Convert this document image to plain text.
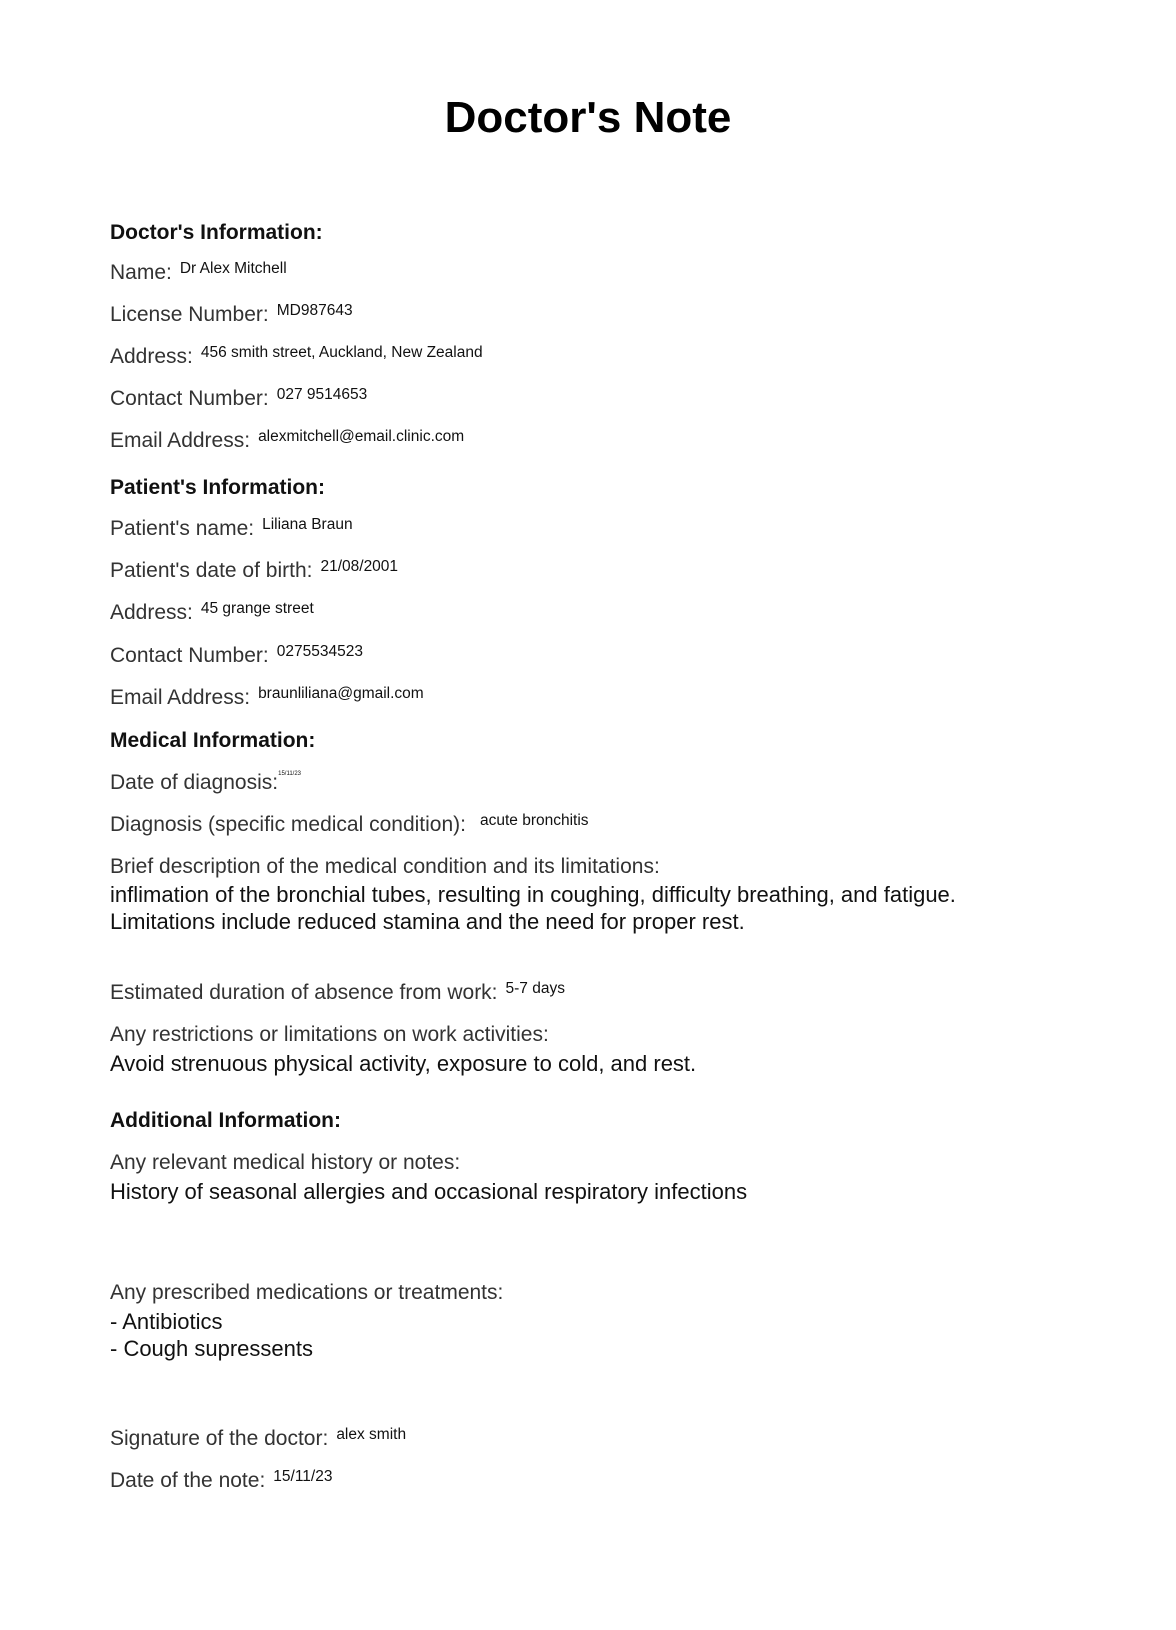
Doctor's Note
Doctor's Information:
Name: Dr Alex Mitchell
License Number: MD987643
Address: 456 smith street, Auckland, New Zealand
Contact Number: 027 9514653
Email Address: alexmitchell@email.clinic.com
Patient's Information:
Patient's name: Liliana Braun
Patient's date of birth: 21/08/2001
Address: 45 grange street
Contact Number: 0275534523
Email Address: braunliliana@gmail.com
Medical Information:
Date of diagnosis:$^{15/11/23}$
Diagnosis (specific medical condition): acute bronchitis
Brief description of the medical condition and its limitations:
inflimation of the bronchial tubes, resulting in coughing, difficulty breathing, and fatigue.
Limitations include reduced stamina and the need for proper rest.
Estimated duration of absence from work: 5-7 days
Any restrictions or limitations on work activities:
Avoid strenuous physical activity, exposure to cold, and rest.
Additional Information:
Any relevant medical history or notes:
History of seasonal allergies and occasional respiratory infections
Any prescribed medications or treatments:
- Antibiotics
- Cough supressents
Signature of the doctor: alex smith
Date of the note: 15/11/23
